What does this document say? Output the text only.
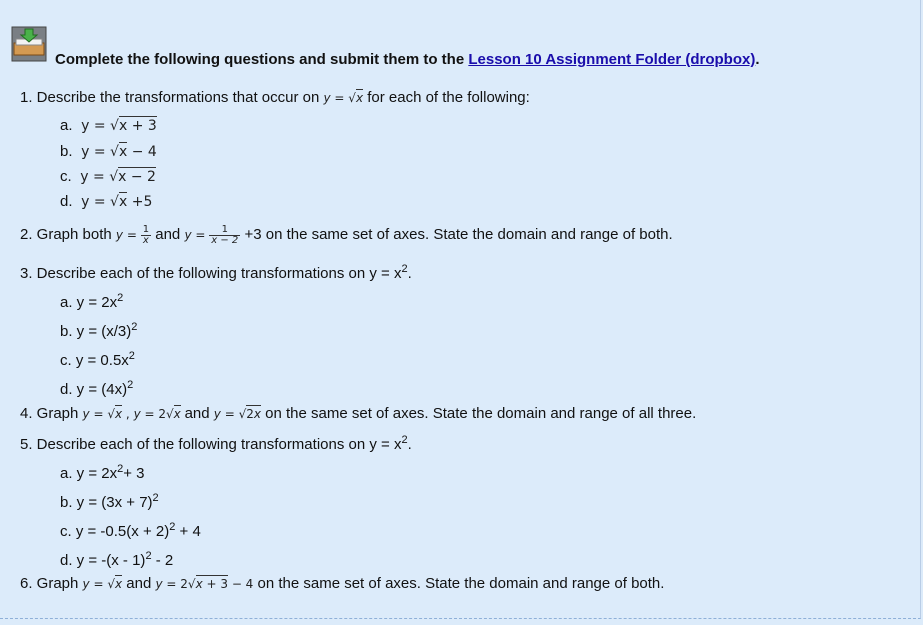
Complete the following questions and submit them to the Lesson 10 Assignment Folder (dropbox).
1. Describe the transformations that occur on y = √x for each of the following:
a.  y = √x + 3
b.  y = √x − 4
c.  y = √x − 2
d.  y = √x +5
2. Graph both $y = \frac{1}{x}$ and $y = \frac{1}{x - 2} +3$ on the same set of axes. State the domain and range of both.
3. Describe each of the following transformations on $y = x^2$.
a. $y = 2x^2$
b. $y = (x/3)^2$
c. $y = 0.5x^2$
d. $y = (4x)^2$
4. Graph y = √x , y = 2√x and y = √2x on the same set of axes. State the domain and range of all three.
5. Describe each of the following transformations on $y = x^2$.
a. $y = 2x^2+ 3$
b. $y = (3x + 7)^2$
c. $y = -0.5(x + 2)^2 + 4$
d. y = -(x - 1)$^2$ - 2
6. Graph y = √x and y = 2√x + 3 − 4 on the same set of axes. State the domain and range of both.
